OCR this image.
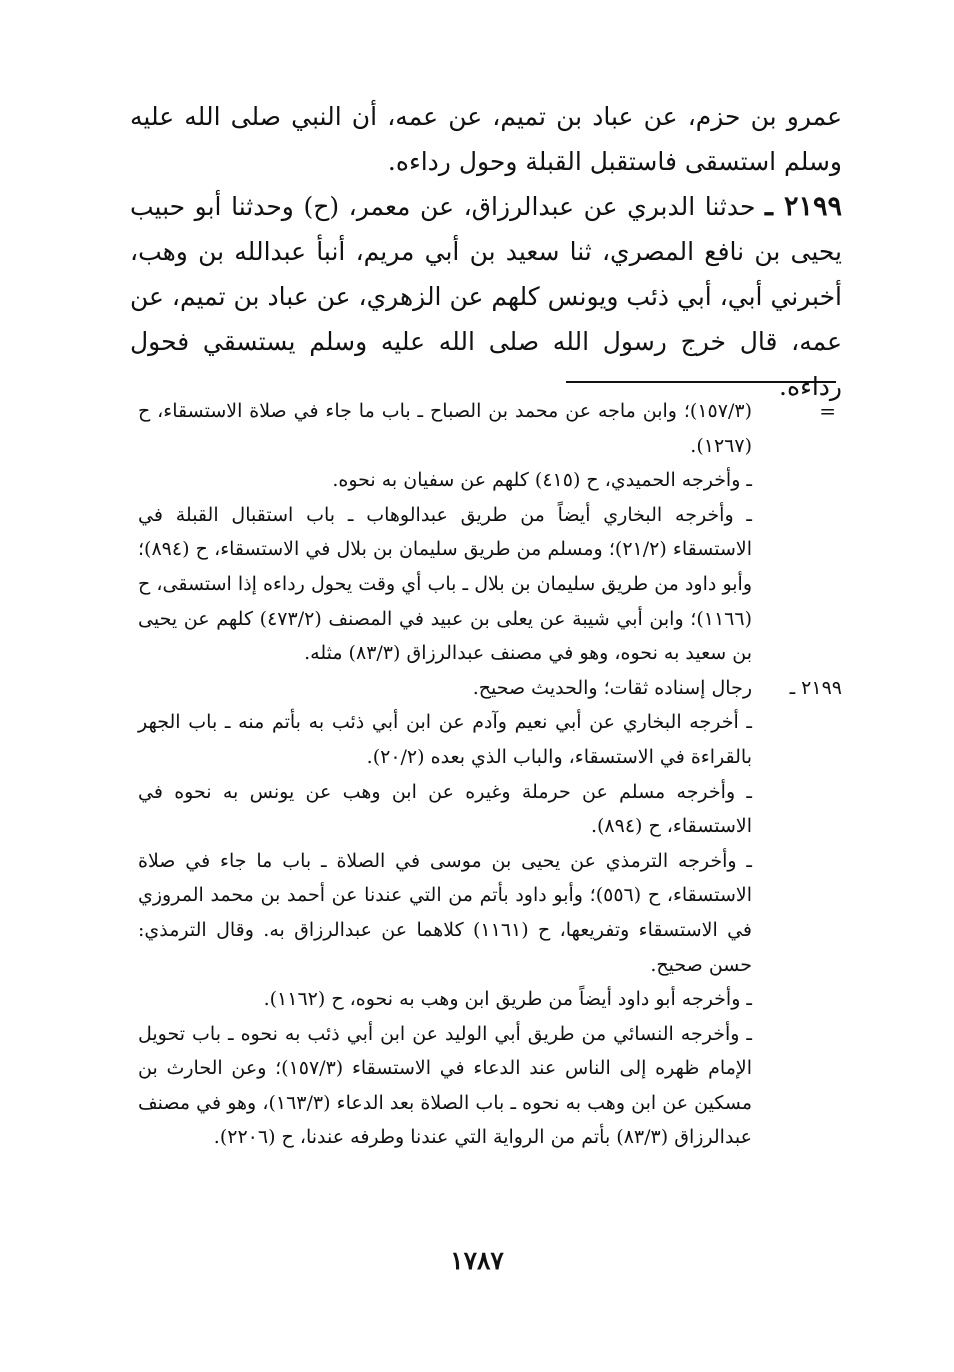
عمرو بن حزم، عن عباد بن تميم، عن عمه، أن النبي صلى الله عليه وسلم استسقى فاستقبل القبلة وحول رداءه.

٢١٩٩ ـ حدثنا الدبري عن عبدالرزاق، عن معمر، (ح) وحدثنا أبو حبيب يحيى بن نافع المصري، ثنا سعيد بن أبي مريم، أنبأ عبدالله بن وهب، أخبرني أبي، أبي ذئب ويونس كلهم عن الزهري، عن عباد بن تميم، عن عمه، قال خرج رسول الله صلى الله عليه وسلم يستسقي فحول رداءه.

=

(١٥٧/٣)؛ وابن ماجه عن محمد بن الصباح ـ باب ما جاء في صلاة الاستسقاء، ح (١٢٦٧).

ـ وأخرجه الحميدي، ح (٤١٥) كلهم عن سفيان به نحوه.

ـ وأخرجه البخاري أيضاً من طريق عبدالوهاب ـ باب استقبال القبلة في الاستسقاء (٢١/٢)؛ ومسلم من طريق سليمان بن بلال في الاستسقاء، ح (٨٩٤)؛ وأبو داود من طريق سليمان بن بلال ـ باب أي وقت يحول رداءه إذا استسقى، ح (١١٦٦)؛ وابن أبي شيبة عن يعلى بن عبيد في المصنف (٤٧٣/٢) كلهم عن يحيى بن سعيد به نحوه، وهو في مصنف عبدالرزاق (٨٣/٣) مثله.

٢١٩٩ ـ

رجال إسناده ثقات؛ والحديث صحيح.

ـ أخرجه البخاري عن أبي نعيم وآدم عن ابن أبي ذئب به بأتم منه ـ باب الجهر بالقراءة في الاستسقاء، والباب الذي بعده (٢٠/٢).

ـ وأخرجه مسلم عن حرملة وغيره عن ابن وهب عن يونس به نحوه في الاستسقاء، ح (٨٩٤).

ـ وأخرجه الترمذي عن يحيى بن موسى في الصلاة ـ باب ما جاء في صلاة الاستسقاء، ح (٥٥٦)؛ وأبو داود بأتم من التي عندنا عن أحمد بن محمد المروزي في الاستسقاء وتفريعها، ح (١١٦١) كلاهما عن عبدالرزاق به. وقال الترمذي: حسن صحيح.

ـ وأخرجه أبو داود أيضاً من طريق ابن وهب به نحوه، ح (١١٦٢).

ـ وأخرجه النسائي من طريق أبي الوليد عن ابن أبي ذئب به نحوه ـ باب تحويل الإمام ظهره إلى الناس عند الدعاء في الاستسقاء (١٥٧/٣)؛ وعن الحارث بن مسكين عن ابن وهب به نحوه ـ باب الصلاة بعد الدعاء (١٦٣/٣)، وهو في مصنف عبدالرزاق (٨٣/٣) بأتم من الرواية التي عندنا وطرفه عندنا، ح (٢٢٠٦).

١٧٨٧
